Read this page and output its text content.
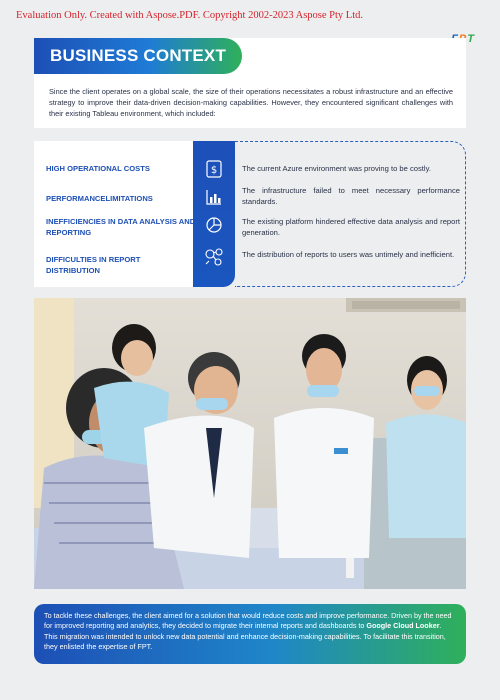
Evaluation Only. Created with Aspose.PDF. Copyright 2002-2023 Aspose Pty Ltd.
T
BUSINESS CONTEXT

Since the client operates on a global scale, the size of their operations necessitates a robust infrastructure and an effective strategy to improve their data-driven decision-making capabilities. However, they encountered significant challenges with their existing Tableau environment, which included:

HIGH OPERATIONAL COSTS
PERFORMANCELIMITATIONS
INEFFICIENCIES IN DATA ANALYSIS AND REPORTING
DIFFICULTIES IN REPORT DISTRIBUTION
$	The current Azure environment was proving to be costly.
The infrastructure failed to meet necessary performance standards.
The existing platform hindered effective data analysis and report generation.
The distribution of reports to users was untimely and inefficient.
To tackle these challenges, the client aimed for a solution that would reduce costs and improve performance. Driven by the need for improved reporting and analytics, they decided to migrate their internal reports and dashboards to Google Cloud Looker. This migration was intended to unlock new data potential and enhance decision-making capabilities. To facilitate this transition, they enlisted the expertise of FPT.
